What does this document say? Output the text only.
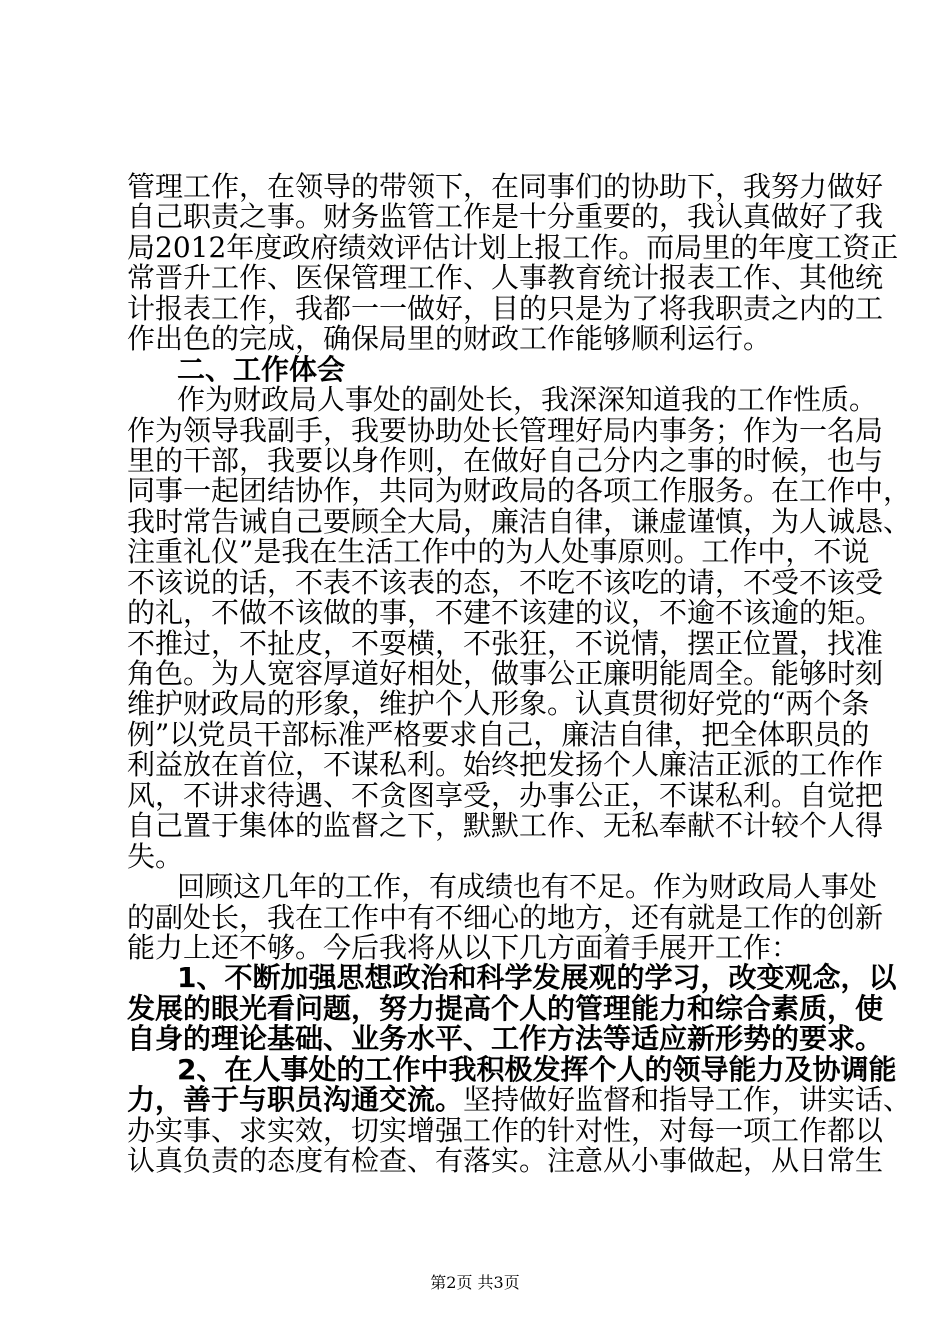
管理工作，在领导的带领下，在同事们的协助下，我努力做好
自己职责之事。财务监管工作是十分重要的，我认真做好了我
局2012年度政府绩效评估计划上报工作。而局里的年度工资正
常晋升工作、医保管理工作、人事教育统计报表工作、其他统
计报表工作，我都一一做好，目的只是为了将我职责之内的工
作出色的完成，确保局里的财政工作能够顺利运行。
二、工作体会
作为财政局人事处的副处长，我深深知道我的工作性质。
作为领导我副手，我要协助处长管理好局内事务；作为一名局
里的干部，我要以身作则，在做好自己分内之事的时候，也与
同事一起团结协作，共同为财政局的各项工作服务。在工作中，
我时常告诫自己要顾全大局，廉洁自律，谦虚谨慎，为人诚恳、
注重礼仪”是我在生活工作中的为人处事原则。工作中，不说
不该说的话，不表不该表的态，不吃不该吃的请，不受不该受
的礼，不做不该做的事，不建不该建的议，不逾不该逾的矩。
不推过，不扯皮，不耍横，不张狂，不说情，摆正位置，找准
角色。为人宽容厚道好相处，做事公正廉明能周全。能够时刻
维护财政局的形象，维护个人形象。认真贯彻好党的“两个条
例”以党员干部标准严格要求自己，廉洁自律，把全体职员的
利益放在首位，不谋私利。始终把发扬个人廉洁正派的工作作
风，不讲求待遇、不贪图享受，办事公正，不谋私利。自觉把
自己置于集体的监督之下，默默工作、无私奉献不计较个人得
失。
回顾这几年的工作，有成绩也有不足。作为财政局人事处
的副处长，我在工作中有不细心的地方，还有就是工作的创新
能力上还不够。今后我将从以下几方面着手展开工作：
1、不断加强思想政治和科学发展观的学习，改变观念，以
发展的眼光看问题，努力提高个人的管理能力和综合素质，使
自身的理论基础、业务水平、工作方法等适应新形势的要求。
2、在人事处的工作中我积极发挥个人的领导能力及协调能
力，善于与职员沟通交流。坚持做好监督和指导工作，讲实话、
办实事、求实效，切实增强工作的针对性，对每一项工作都以
认真负责的态度有检查、有落实。注意从小事做起，从日常生
第2页 共3页
